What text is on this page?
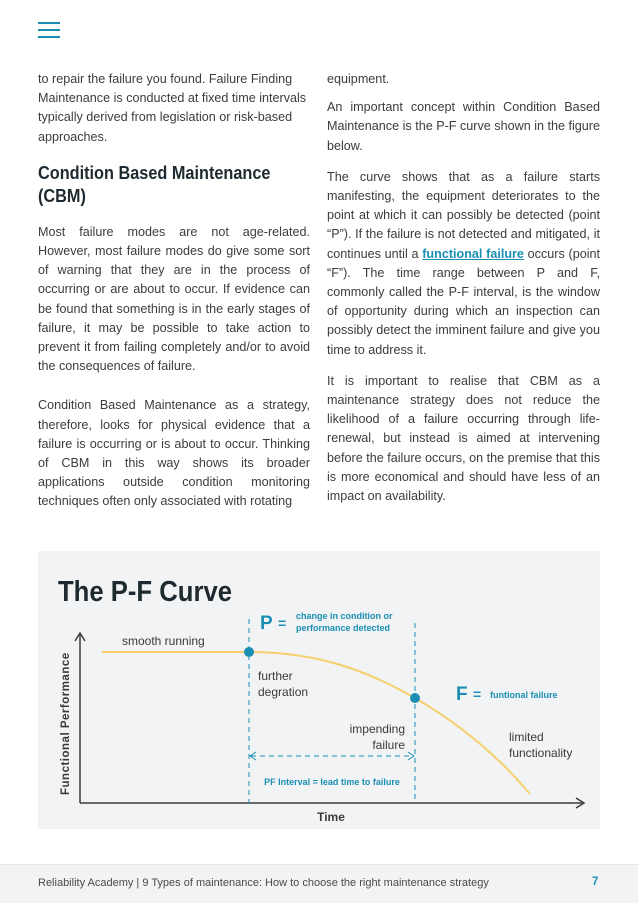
to repair the failure you found. Failure Finding Maintenance is conducted at fixed time intervals typically derived from legislation or risk-based approaches.

Condition Based Maintenance (CBM)

Most failure modes are not age-related. However, most failure modes do give some sort of warning that they are in the process of occurring or are about to occur. If evidence can be found that something is in the early stages of failure, it may be possible to take action to prevent it from failing completely and/or to avoid the consequences of failure.

Condition Based Maintenance as a strategy, therefore, looks for physical evidence that a failure is occurring or is about to occur. Thinking of CBM in this way shows its broader applications outside condition monitoring techniques often only associated with rotating

equipment.

An important concept within Condition Based Maintenance is the P-F curve shown in the figure below.

The curve shows that as a failure starts manifesting, the equipment deteriorates to the point at which it can possibly be detected (point “P”). If the failure is not detected and mitigated, it continues until a functional failure occurs (point “F”). The time range between P and F, commonly called the P-F interval, is the window of opportunity during which an inspection can possibly detect the imminent failure and give you time to address it.

It is important to realise that CBM as a maintenance strategy does not reduce the likelihood of a failure occurring through life-renewal, but instead is aimed at intervening before the failure occurs, on the premise that this is more economical and should have less of an impact on availability.

The P-F Curve
Functional Performance
Time
PF Interval = lead time to failure
P = change in condition or
performance detected
F = funtional failure
smooth running
further
degration
impending
failure
limited
functionality
Reliability Academy | 9 Types of maintenance: How to choose the right maintenance strategy	7
